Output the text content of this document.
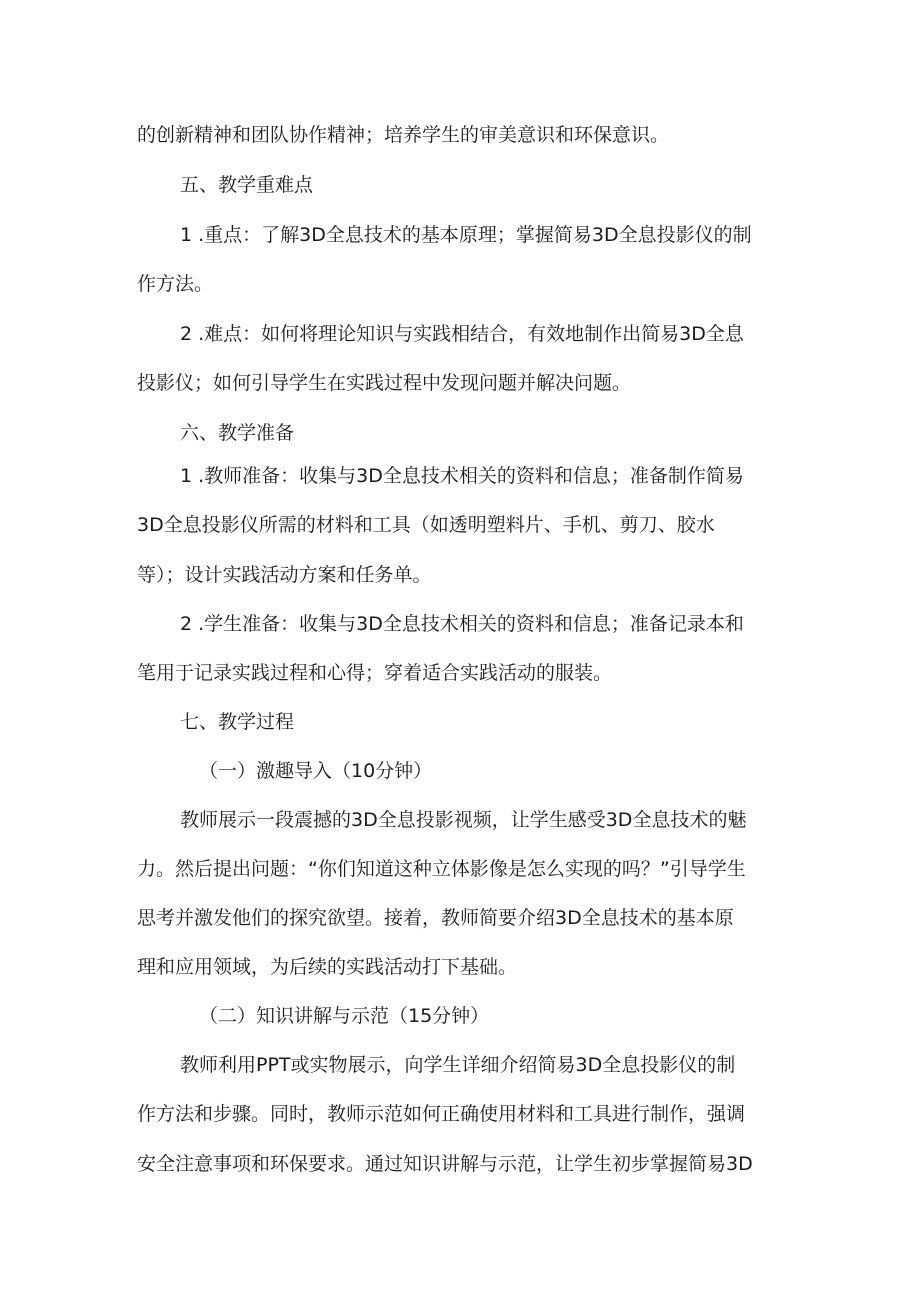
的创新精神和团队协作精神；培养学生的审美意识和环保意识。
五、教学重难点
1 .重点：了解3D全息技术的基本原理；掌握简易3D全息投影仪的制
作方法。
2 .难点：如何将理论知识与实践相结合，有效地制作出简易3D全息
投影仪；如何引导学生在实践过程中发现问题并解决问题。
六、教学准备
1 .教师准备：收集与3D全息技术相关的资料和信息；准备制作简易
3D全息投影仪所需的材料和工具（如透明塑料片、手机、剪刀、胶水
等）；设计实践活动方案和任务单。
2 .学生准备：收集与3D全息技术相关的资料和信息；准备记录本和
笔用于记录实践过程和心得；穿着适合实践活动的服装。
七、教学过程
（一）激趣导入（10分钟）
教师展示一段震撼的3D全息投影视频，让学生感受3D全息技术的魅
力。然后提出问题：“你们知道这种立体影像是怎么实现的吗？”引导学生
思考并激发他们的探究欲望。接着，教师简要介绍3D全息技术的基本原
理和应用领域，为后续的实践活动打下基础。
（二）知识讲解与示范（15分钟）
教师利用PPT或实物展示，向学生详细介绍简易3D全息投影仪的制
作方法和步骤。同时，教师示范如何正确使用材料和工具进行制作，强调
安全注意事项和环保要求。通过知识讲解与示范，让学生初步掌握简易3D
